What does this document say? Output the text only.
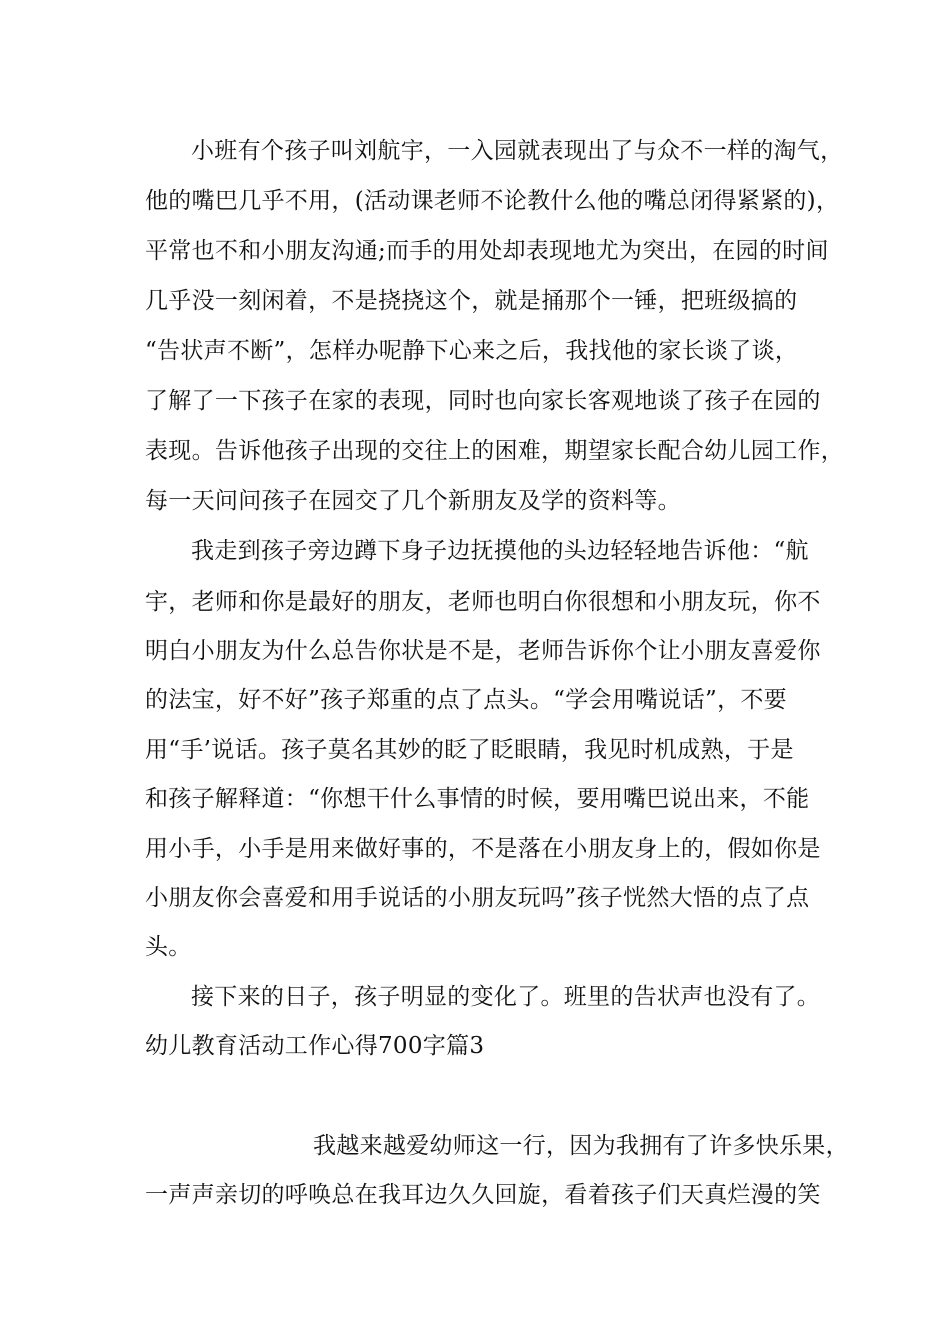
小班有个孩子叫刘航宇，一入园就表现出了与众不一样的淘气，
他的嘴巴几乎不用，(活动课老师不论教什么他的嘴总闭得紧紧的)，
平常也不和小朋友沟通;而手的用处却表现地尤为突出，在园的时间
几乎没一刻闲着，不是挠挠这个，就是捅那个一锤，把班级搞的
“告状声不断”，怎样办呢静下心来之后，我找他的家长谈了谈，
了解了一下孩子在家的表现，同时也向家长客观地谈了孩子在园的
表现。告诉他孩子出现的交往上的困难，期望家长配合幼儿园工作，
每一天问问孩子在园交了几个新朋友及学的资料等。
我走到孩子旁边蹲下身子边抚摸他的头边轻轻地告诉他：“航
宇，老师和你是最好的朋友，老师也明白你很想和小朋友玩，你不
明白小朋友为什么总告你状是不是，老师告诉你个让小朋友喜爱你
的法宝，好不好”孩子郑重的点了点头。“学会用嘴说话”，不要
用“手’说话。孩子莫名其妙的眨了眨眼睛，我见时机成熟，于是
和孩子解释道：“你想干什么事情的时候，要用嘴巴说出来，不能
用小手，小手是用来做好事的，不是落在小朋友身上的，假如你是
小朋友你会喜爱和用手说话的小朋友玩吗”孩子恍然大悟的点了点
头。
接下来的日子，孩子明显的变化了。班里的告状声也没有了。
幼儿教育活动工作心得700字篇3
我越来越爱幼师这一行，因为我拥有了许多快乐果，
一声声亲切的呼唤总在我耳边久久回旋，看着孩子们天真烂漫的笑
